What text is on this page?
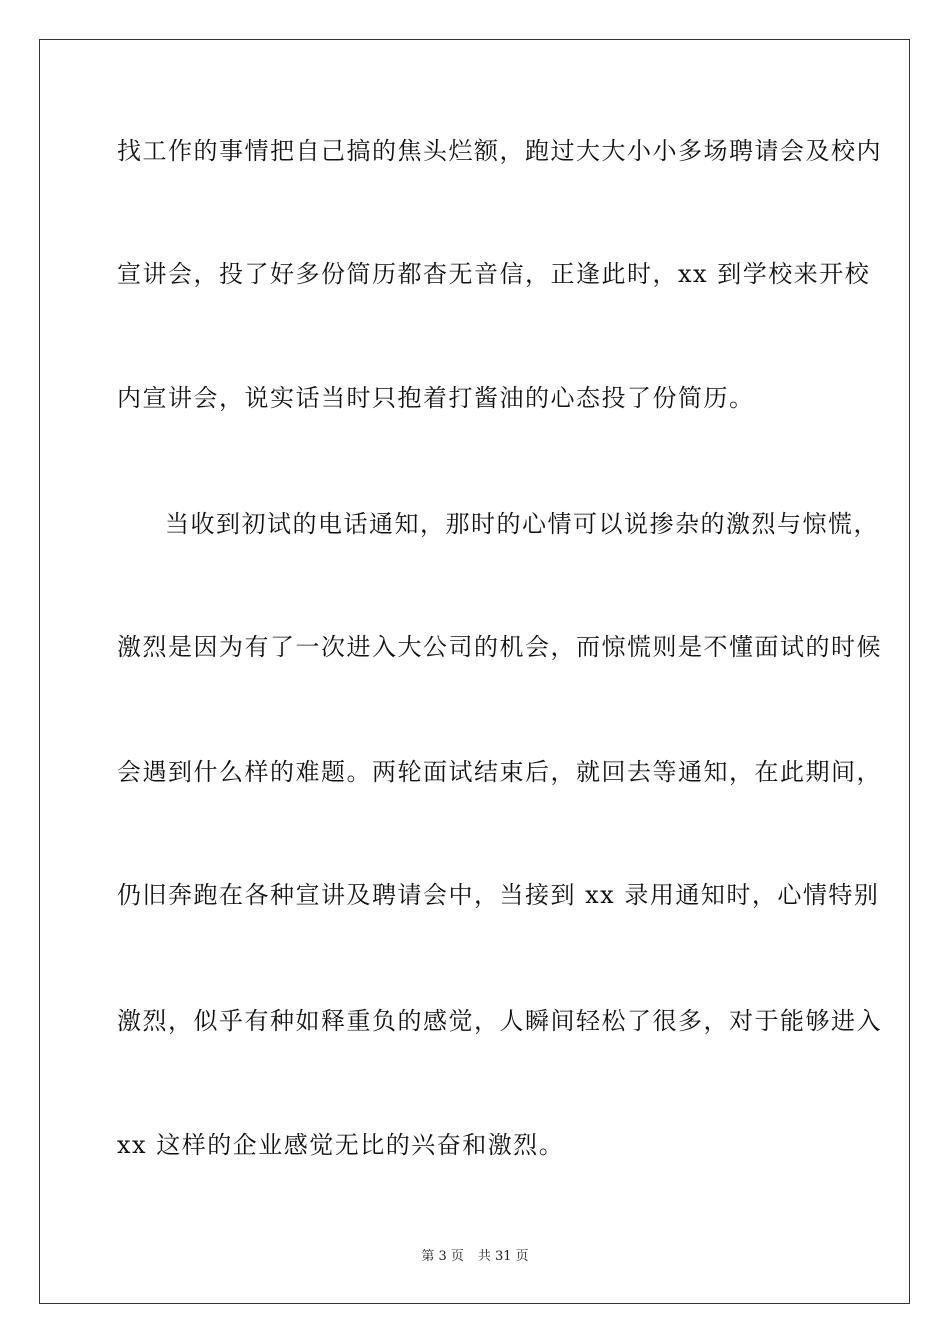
找工作的事情把自己搞的焦头烂额，跑过大大小小多场聘请会及校内
宣讲会，投了好多份简历都杳无音信，正逢此时，xx 到学校来开校
内宣讲会，说实话当时只抱着打酱油的心态投了份简历。
当收到初试的电话通知，那时的心情可以说掺杂的激烈与惊慌，
激烈是因为有了一次进入大公司的机会，而惊慌则是不懂面试的时候
会遇到什么样的难题。两轮面试结束后，就回去等通知，在此期间，
仍旧奔跑在各种宣讲及聘请会中，当接到 xx 录用通知时，心情特别
激烈，似乎有种如释重负的感觉，人瞬间轻松了很多，对于能够进入
xx 这样的企业感觉无比的兴奋和激烈。
第 3 页 共 31 页
